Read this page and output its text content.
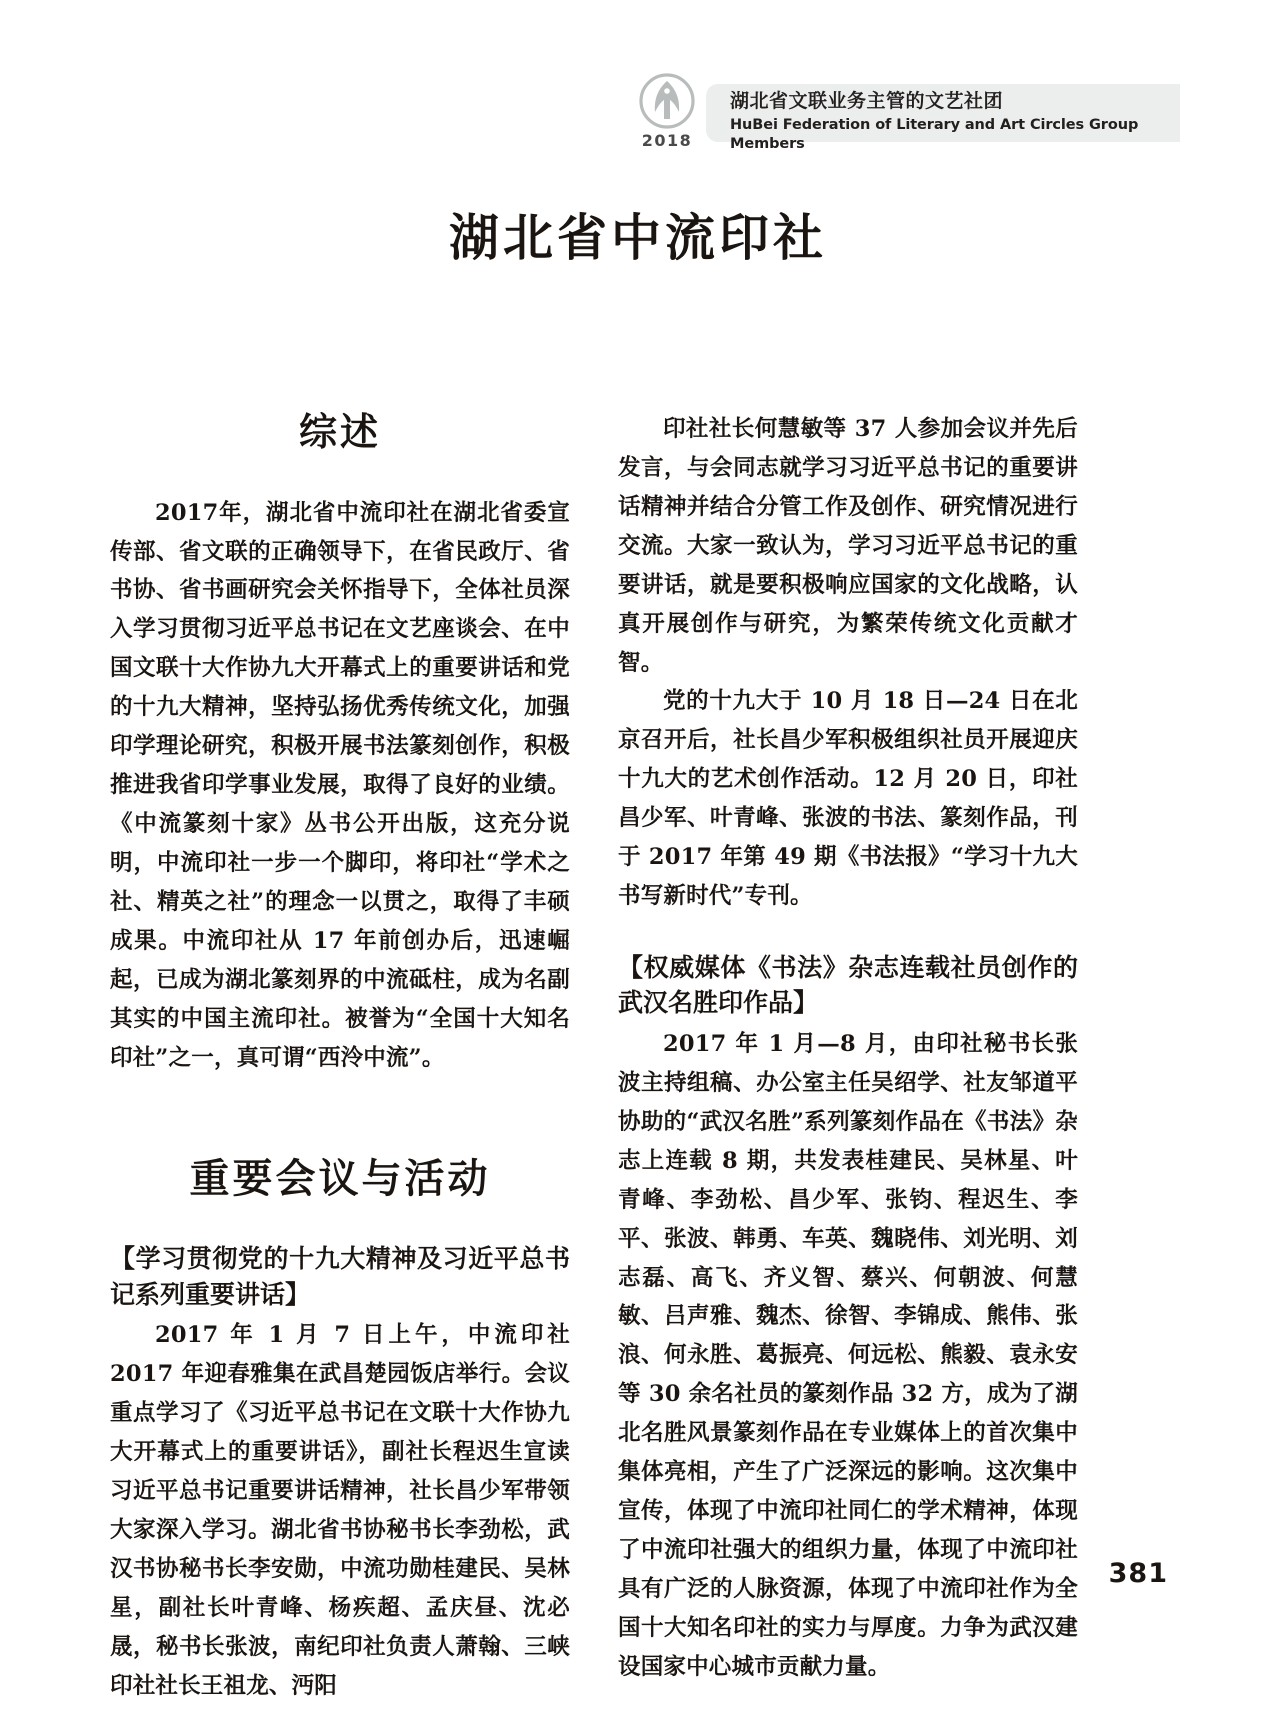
2018
湖北省文联业务主管的文艺社团
HuBei Federation of Literary and Art Circles Group Members
湖北省中流印社
综述

2017年，湖北省中流印社在湖北省委宣传部、省文联的正确领导下，在省民政厅、省书协、省书画研究会关怀指导下，全体社员深入学习贯彻习近平总书记在文艺座谈会、在中国文联十大作协九大开幕式上的重要讲话和党的十九大精神，坚持弘扬优秀传统文化，加强印学理论研究，积极开展书法篆刻创作，积极推进我省印学事业发展，取得了良好的业绩。《中流篆刻十家》丛书公开出版，这充分说明，中流印社一步一个脚印，将印社“学术之社、精英之社”的理念一以贯之，取得了丰硕成果。中流印社从 17 年前创办后，迅速崛起，已成为湖北篆刻界的中流砥柱，成为名副其实的中国主流印社。被誉为“全国十大知名印社”之一，真可谓“西泠中流”。

重要会议与活动
【学习贯彻党的十九大精神及习近平总书记系列重要讲话】

2017 年 1 月 7 日上午，中流印社 2017 年迎春雅集在武昌楚园饭店举行。会议重点学习了《习近平总书记在文联十大作协九大开幕式上的重要讲话》，副社长程迟生宣读习近平总书记重要讲话精神，社长昌少军带领大家深入学习。湖北省书协秘书长李劲松，武汉书协秘书长李安勋，中流功勋桂建民、吴林星，副社长叶青峰、杨疾超、孟庆昼、沈必晟，秘书长张波，南纪印社负责人萧翰、三峡印社社长王祖龙、沔阳

印社社长何慧敏等 37 人参加会议并先后发言，与会同志就学习习近平总书记的重要讲话精神并结合分管工作及创作、研究情况进行交流。大家一致认为，学习习近平总书记的重要讲话，就是要积极响应国家的文化战略，认真开展创作与研究，为繁荣传统文化贡献才智。

党的十九大于 10 月 18 日—24 日在北京召开后，社长昌少军积极组织社员开展迎庆十九大的艺术创作活动。12 月 20 日，印社昌少军、叶青峰、张波的书法、篆刻作品，刊于 2017 年第 49 期《书法报》“学习十九大 书写新时代”专刊。

【权威媒体《书法》杂志连载社员创作的武汉名胜印作品】

2017 年 1 月—8 月，由印社秘书长张波主持组稿、办公室主任吴绍学、社友邹道平协助的“武汉名胜”系列篆刻作品在《书法》杂志上连载 8 期，共发表桂建民、吴林星、叶青峰、李劲松、昌少军、张钧、程迟生、李平、张波、韩勇、车英、魏晓伟、刘光明、刘志磊、高飞、齐义智、蔡兴、何朝波、何慧敏、吕声雅、魏杰、徐智、李锦成、熊伟、张浪、何永胜、葛振亮、何远松、熊毅、袁永安等 30 余名社员的篆刻作品 32 方，成为了湖北名胜风景篆刻作品在专业媒体上的首次集中集体亮相，产生了广泛深远的影响。这次集中宣传，体现了中流印社同仁的学术精神，体现了中流印社强大的组织力量，体现了中流印社具有广泛的人脉资源，体现了中流印社作为全国十大知名印社的实力与厚度。力争为武汉建设国家中心城市贡献力量。

381
